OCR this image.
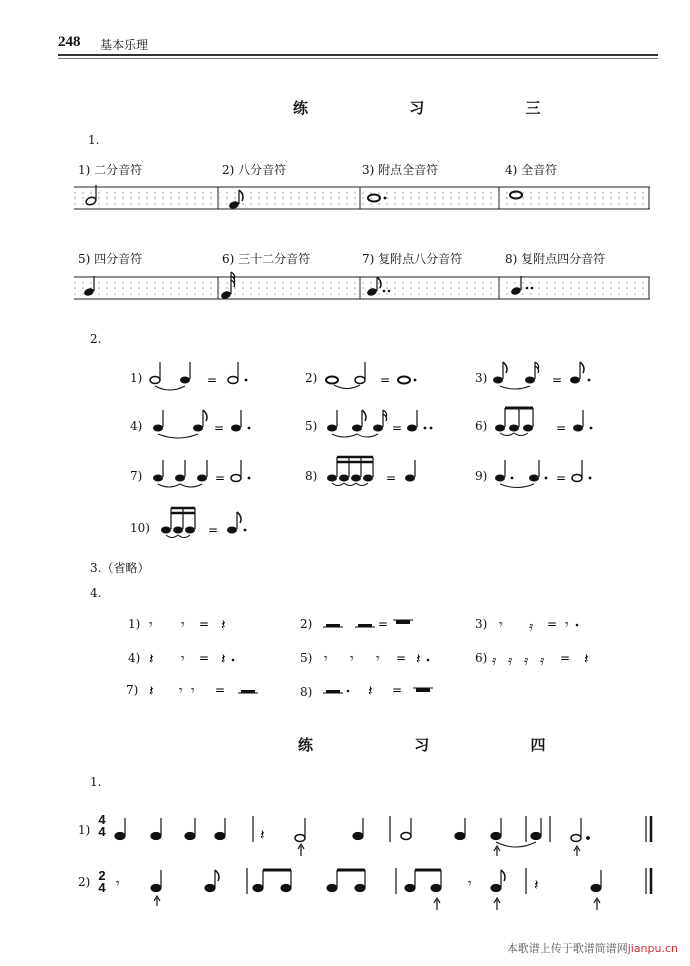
248 基本乐理
练 习 三
1.
1) 二分音符	2) 八分音符	3) 附点全音符	4) 全音符
5) 四分音符	6) 三十二分音符	7) 复附点八分音符	8) 复附点四分音符
2.
1)	=	2)	=	3)	=
4)	=	5)	=	6)	=
7)	=	8)	=	9)	=
10)	=
3.（省略）
4.
1) 𝄾 𝄾 = 𝄽	2)	=	3) 𝄾 𝄿 = 𝄾
4) 𝄽 𝄾 = 𝄽	5) 𝄾 𝄾 𝄾 = 𝄽	6) 𝄿 𝄿 𝄿 𝄿 = 𝄽
7) 𝄽 𝄾 𝄾 =	8)	𝄽 =
练 习 四
1.
1)
4
4	𝄽
2) 2
4 𝄾	𝄾	𝄽
本歌谱上传于歌谱简谱网jianpu.cn
